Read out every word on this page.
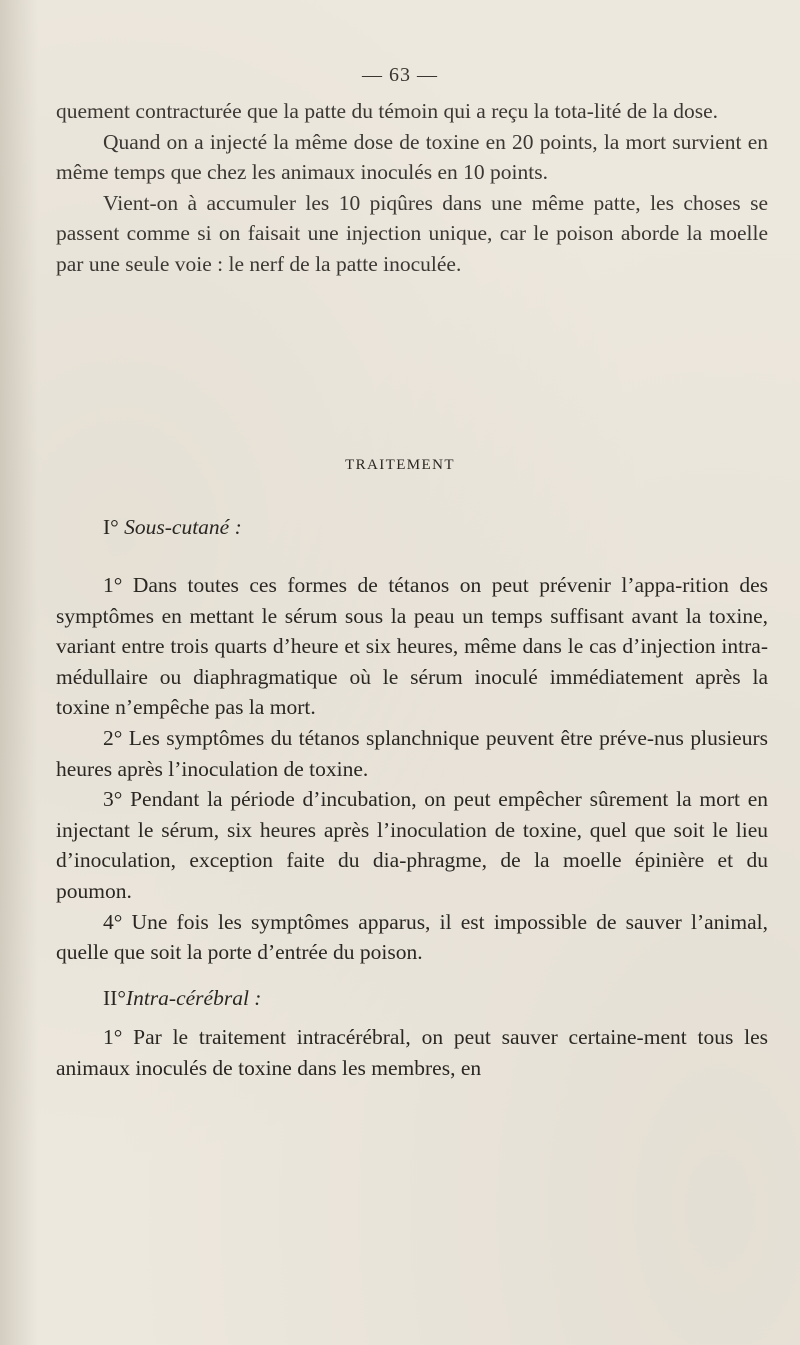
— 63 —

quement contracturée que la patte du témoin qui a reçu la tota-lité de la dose.

Quand on a injecté la même dose de toxine en 20 points, la mort survient en même temps que chez les animaux inoculés en 10 points.

Vient-on à accumuler les 10 piqûres dans une même patte, les choses se passent comme si on faisait une injection unique, car le poison aborde la moelle par une seule voie : le nerf de la patte inoculée.

TRAITEMENT
I° Sous-cutané :

1° Dans toutes ces formes de tétanos on peut prévenir l’appa-rition des symptômes en mettant le sérum sous la peau un temps suffisant avant la toxine, variant entre trois quarts d’heure et six heures, même dans le cas d’injection intra-médullaire ou diaphragmatique où le sérum inoculé immédiatement après la toxine n’empêche pas la mort.

2° Les symptômes du tétanos splanchnique peuvent être préve-nus plusieurs heures après l’inoculation de toxine.

3° Pendant la période d’incubation, on peut empêcher sûrement la mort en injectant le sérum, six heures après l’inoculation de toxine, quel que soit le lieu d’inoculation, exception faite du dia-phragme, de la moelle épinière et du poumon.

4° Une fois les symptômes apparus, il est impossible de sauver l’animal, quelle que soit la porte d’entrée du poison.

II°Intra-cérébral :

1° Par le traitement intracérébral, on peut sauver certaine-ment tous les animaux inoculés de toxine dans les membres, en
